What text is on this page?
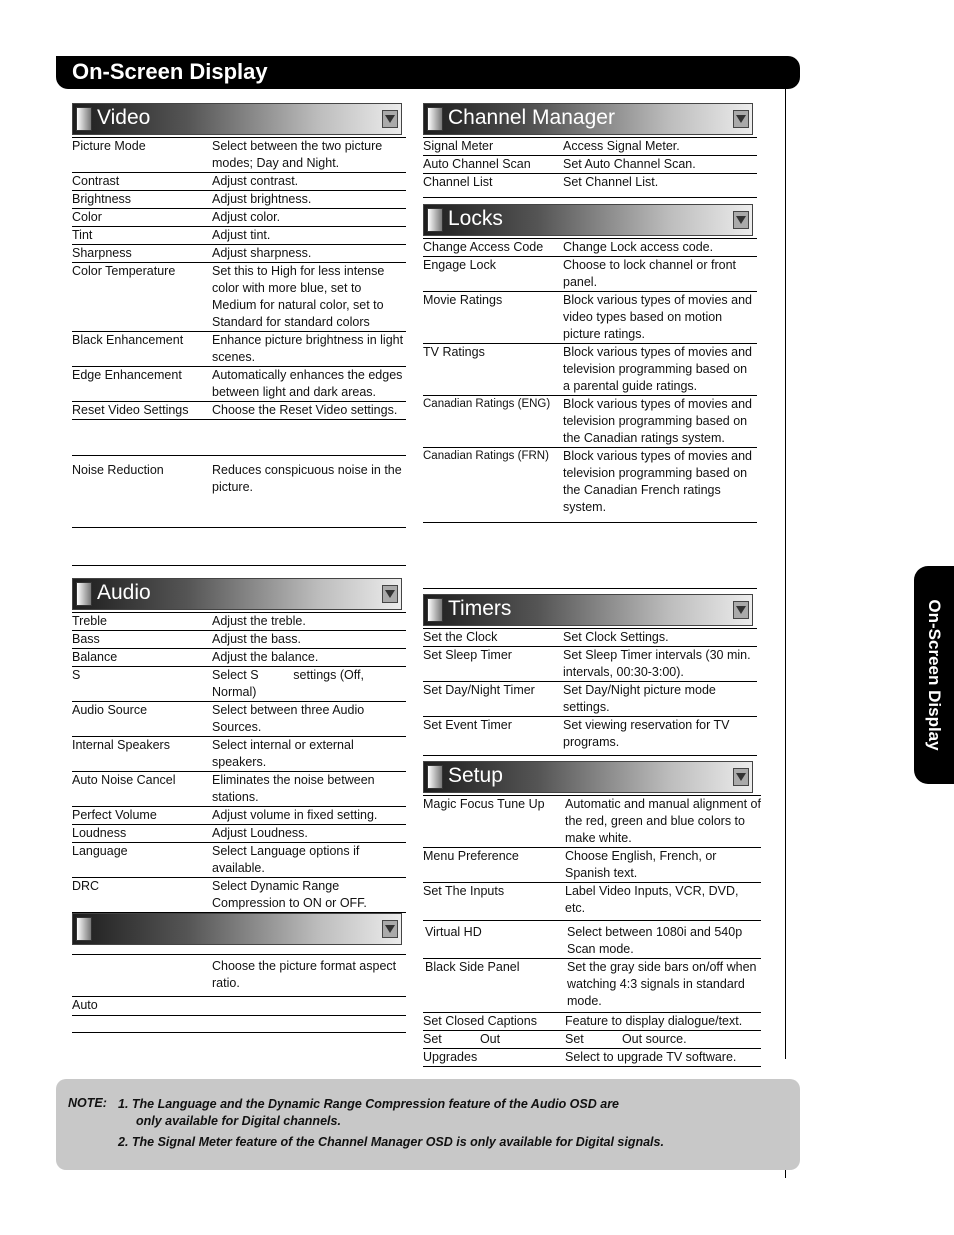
On-Screen Display
On-Screen Display
Video
Picture Mode	Select between the two picture modes; Day and Night.
Contrast	Adjust contrast.
Brightness	Adjust brightness.
Color	Adjust color.
Tint	Adjust tint.
Sharpness	Adjust sharpness.
Color Temperature	Set this to High for less intense color with more blue, set to Medium for natural color, set to Standard for standard colors
Black Enhancement	Enhance picture brightness in light scenes.
Edge Enhancement	Automatically enhances the edges between light and dark areas.
Reset Video Settings	Choose the Reset Video settings.

Noise Reduction	Reduces conspicuous noise in the picture.

Audio
Treble	Adjust the treble.
Bass	Adjust the bass.
Balance	Adjust the balance.
S	Select S          settings (Off,          Normal)
Audio Source	Select between three Audio Sources.
Internal Speakers	Select internal or external speakers.
Auto Noise Cancel	Eliminates the noise between stations.
Perfect Volume	Adjust volume in fixed setting.
Loudness	Adjust Loudness.
Language	Select Language options if available.
DRC	Select Dynamic Range Compression to ON or OFF.
	Choose the picture format aspect ratio.
Auto	

Channel Manager
Signal Meter	Access Signal Meter.
Auto Channel Scan	Set Auto Channel Scan.
Channel List	Set Channel List.
Locks
Change Access Code	Change Lock access code.
Engage Lock	Choose to lock channel or front panel.
Movie Ratings	Block various types of movies and video types based on motion picture ratings.
TV Ratings	Block various types of movies and television programming based on a parental guide ratings.
Canadian Ratings (ENG)	Block various types of movies and television programming based on the Canadian ratings system.
Canadian Ratings (FRN)	Block various types of movies and television programming based on the Canadian French ratings system.
Timers
Set the Clock	Set Clock Settings.
Set Sleep Timer	Set Sleep Timer intervals (30 min. intervals, 00:30-3:00).
Set Day/Night Timer	Set Day/Night picture mode settings.
Set Event Timer	Set viewing reservation for TV programs.
Setup
Magic Focus Tune Up	Automatic and manual alignment of the red, green and blue colors to make white.
Menu Preference	Choose English, French, or Spanish text.
Set The Inputs	Label Video Inputs, VCR, DVD, etc.
Virtual HD	Select between 1080i and 540p Scan mode.
Black Side Panel	Set the gray side bars on/off when watching 4:3 signals in standard mode.
Set Closed Captions	Feature to display dialogue/text.
Set           Out	Set           Out source.
Upgrades	Select to upgrade TV software.
NOTE: 1. The Language and the Dynamic Range Compression feature of the Audio OSD are
only available for Digital channels.
2. The Signal Meter feature of the Channel Manager OSD is only available for Digital signals.
